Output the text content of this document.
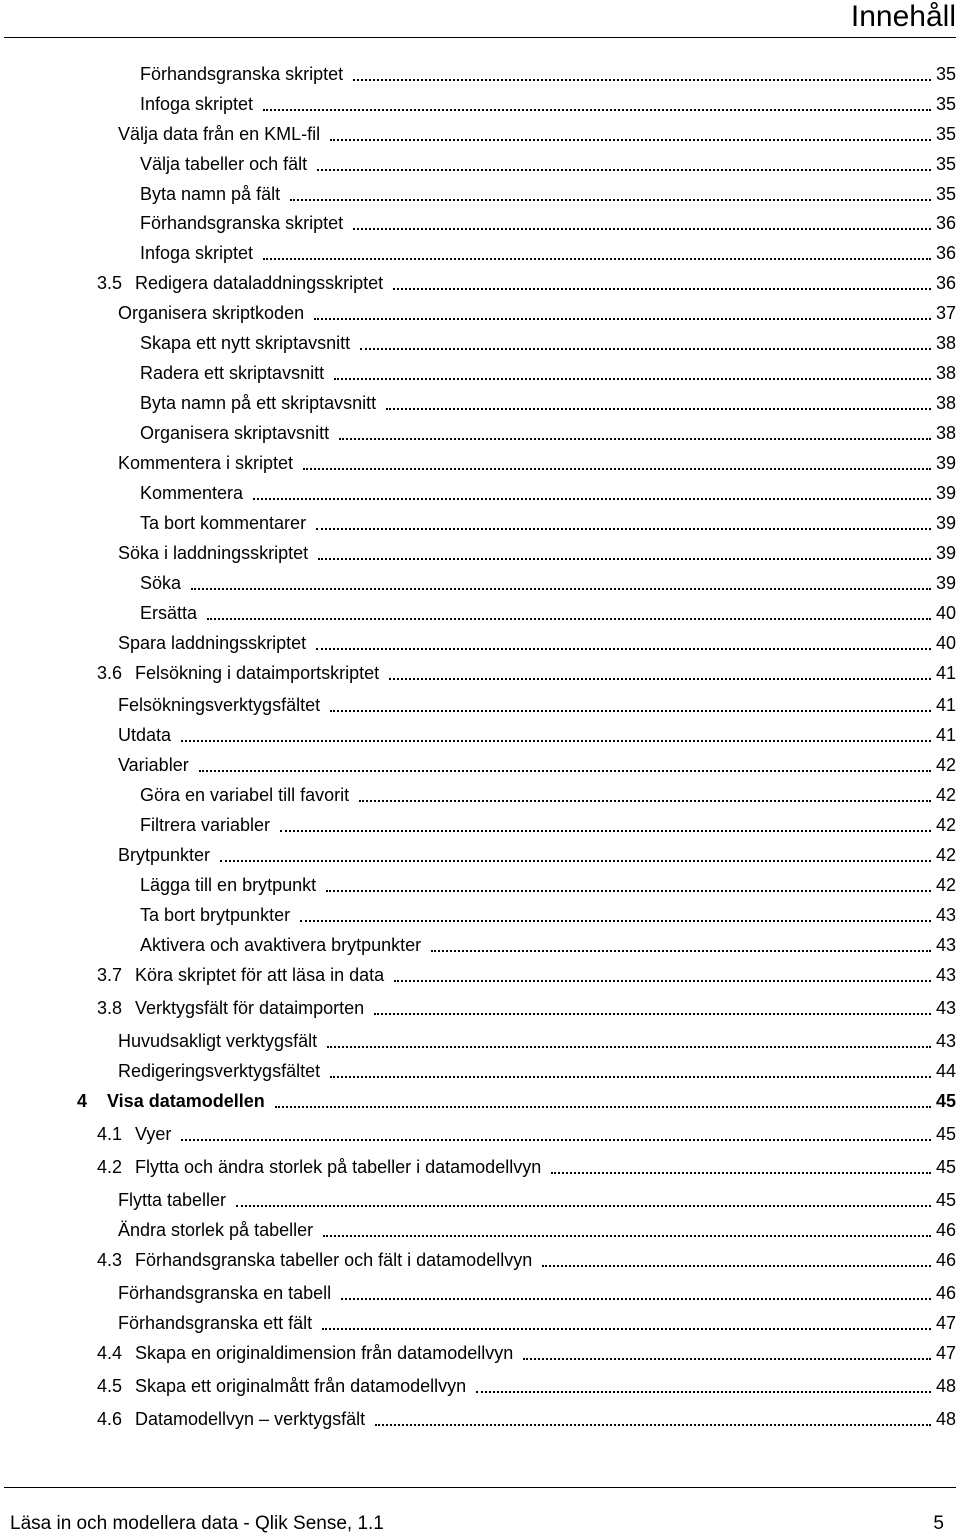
Innehåll
Förhandsgranska skriptet	35
Infoga skriptet	35
Välja data från en KML-fil	35
Välja tabeller och fält	35
Byta namn på fält	35
Förhandsgranska skriptet	36
Infoga skriptet	36
3.5 Redigera dataladdningsskriptet	36
Organisera skriptkoden	37
Skapa ett nytt skriptavsnitt	38
Radera ett skriptavsnitt	38
Byta namn på ett skriptavsnitt	38
Organisera skriptavsnitt	38
Kommentera i skriptet	39
Kommentera	39
Ta bort kommentarer	39
Söka i laddningsskriptet	39
Söka	39
Ersätta	40
Spara laddningsskriptet	40
3.6 Felsökning i dataimportskriptet	41
Felsökningsverktygsfältet	41
Utdata	41
Variabler	42
Göra en variabel till favorit	42
Filtrera variabler	42
Brytpunkter	42
Lägga till en brytpunkt	42
Ta bort brytpunkter	43
Aktivera och avaktivera brytpunkter	43
3.7 Köra skriptet för att läsa in data	43
3.8 Verktygsfält för dataimporten	43
Huvudsakligt verktygsfält	43
Redigeringsverktygsfältet	44
4	Visa datamodellen	45
4.1 Vyer	45
4.2 Flytta och ändra storlek på tabeller i datamodellvyn	45
Flytta tabeller	45
Ändra storlek på tabeller	46
4.3 Förhandsgranska tabeller och fält i datamodellvyn	46
Förhandsgranska en tabell	46
Förhandsgranska ett fält	47
4.4 Skapa en originaldimension från datamodellvyn	47
4.5 Skapa ett originalmått från datamodellvyn	48
4.6 Datamodellvyn – verktygsfält	48
Läsa in och modellera data - Qlik Sense, 1.1	5
